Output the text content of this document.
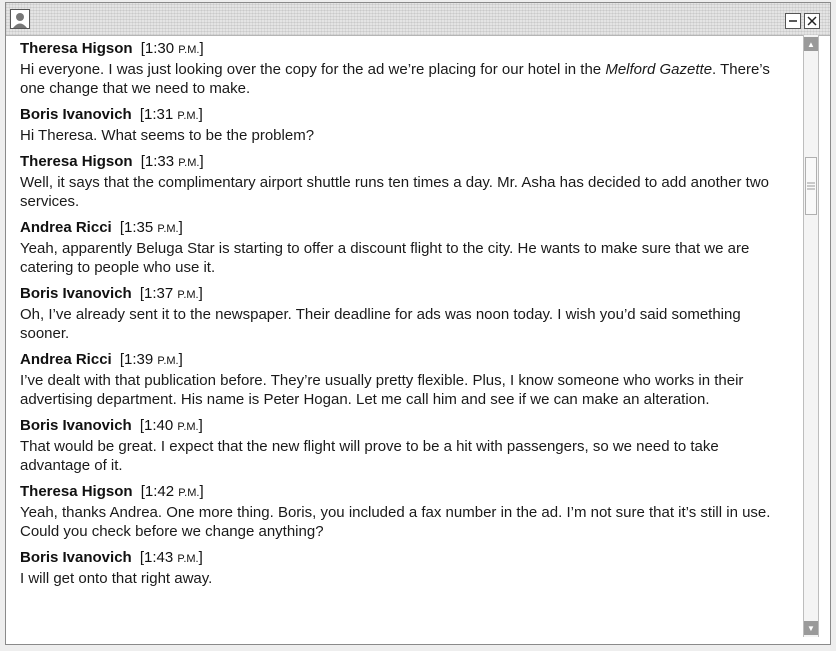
Theresa Higson [1:30 P.M.]
Hi everyone. I was just looking over the copy for the ad we’re placing for our hotel in the Melford Gazette. There’s one change that we need to make.
Boris Ivanovich [1:31 P.M.]
Hi Theresa. What seems to be the problem?
Theresa Higson [1:33 P.M.]
Well, it says that the complimentary airport shuttle runs ten times a day. Mr. Asha has decided to add another two services.
Andrea Ricci [1:35 P.M.]
Yeah, apparently Beluga Star is starting to offer a discount flight to the city. He wants to make sure that we are catering to people who use it.
Boris Ivanovich [1:37 P.M.]
Oh, I’ve already sent it to the newspaper. Their deadline for ads was noon today. I wish you’d said something sooner.
Andrea Ricci [1:39 P.M.]
I’ve dealt with that publication before. They’re usually pretty flexible. Plus, I know someone who works in their advertising department. His name is Peter Hogan. Let me call him and see if we can make an alteration.
Boris Ivanovich [1:40 P.M.]
That would be great. I expect that the new flight will prove to be a hit with passengers, so we need to take advantage of it.
Theresa Higson [1:42 P.M.]
Yeah, thanks Andrea. One more thing. Boris, you included a fax number in the ad. I’m not sure that it’s still in use. Could you check before we change anything?
Boris Ivanovich [1:43 P.M.]
I will get onto that right away.
▲
▼
